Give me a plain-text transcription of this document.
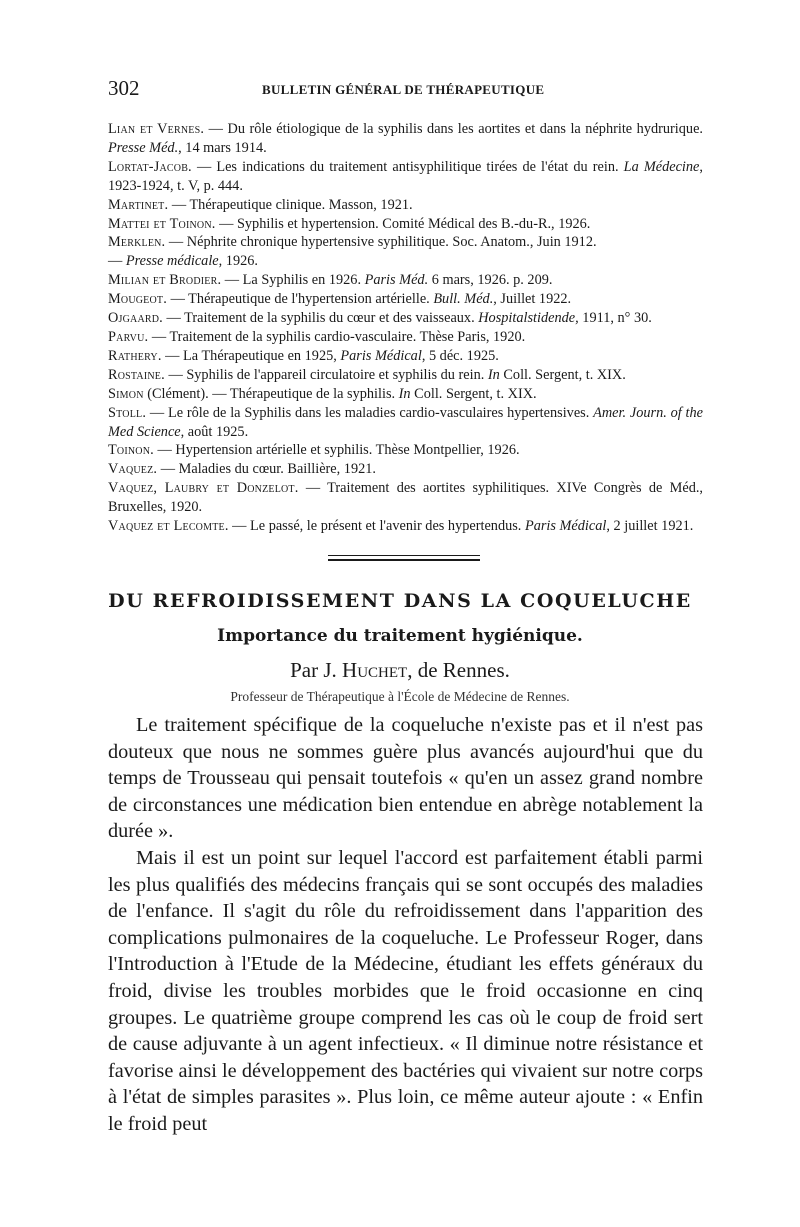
302	BULLETIN GÉNÉRAL DE THÉRAPEUTIQUE

Lian et Vernes. — Du rôle étiologique de la syphilis dans les aortites et dans la néphrite hydrurique. Presse Méd., 14 mars 1914.

Lortat-Jacob. — Les indications du traitement antisyphilitique tirées de l'état du rein. La Médecine, 1923-1924, t. V, p. 444.

Martinet. — Thérapeutique clinique. Masson, 1921.

Mattei et Toinon. — Syphilis et hypertension. Comité Médical des B.-du-R., 1926.

Merklen. — Néphrite chronique hypertensive syphilitique. Soc. Anatom., Juin 1912.

— Presse médicale, 1926.

Milian et Brodier. — La Syphilis en 1926. Paris Méd. 6 mars, 1926. p. 209.

Mougeot. — Thérapeutique de l'hypertension artérielle. Bull. Méd., Juillet 1922.

Ojgaard. — Traitement de la syphilis du cœur et des vaisseaux. Hospitalstidende, 1911, n° 30.

Parvu. — Traitement de la syphilis cardio-vasculaire. Thèse Paris, 1920.

Rathery. — La Thérapeutique en 1925, Paris Médical, 5 déc. 1925.

Rostaine. — Syphilis de l'appareil circulatoire et syphilis du rein. In Coll. Sergent, t. XIX.

Simon (Clément). — Thérapeutique de la syphilis. In Coll. Sergent, t. XIX.

Stoll. — Le rôle de la Syphilis dans les maladies cardio-vasculaires hypertensives. Amer. Journ. of the Med Science, août 1925.

Toinon. — Hypertension artérielle et syphilis. Thèse Montpellier, 1926.

Vaquez. — Maladies du cœur. Baillière, 1921.

Vaquez, Laubry et Donzelot. — Traitement des aortites syphilitiques. XIVe Congrès de Méd., Bruxelles, 1920.

Vaquez et Lecomte. — Le passé, le présent et l'avenir des hypertendus. Paris Médical, 2 juillet 1921.

DU REFROIDISSEMENT DANS LA COQUELUCHE
Importance du traitement hygiénique.
Par J. Huchet, de Rennes.
Professeur de Thérapeutique à l'École de Médecine de Rennes.

Le traitement spécifique de la coqueluche n'existe pas et il n'est pas douteux que nous ne sommes guère plus avancés aujourd'hui que du temps de Trousseau qui pensait toutefois « qu'en un assez grand nombre de circonstances une médication bien entendue en abrège notablement la durée ».

Mais il est un point sur lequel l'accord est parfaitement établi parmi les plus qualifiés des médecins français qui se sont occupés des maladies de l'enfance. Il s'agit du rôle du refroidissement dans l'apparition des complications pulmonaires de la coqueluche. Le Professeur Roger, dans l'Introduction à l'Etude de la Médecine, étudiant les effets généraux du froid, divise les troubles morbides que le froid occasionne en cinq groupes. Le quatrième groupe comprend les cas où le coup de froid sert de cause adjuvante à un agent infectieux. « Il diminue notre résistance et favorise ainsi le développement des bactéries qui vivaient sur notre corps à l'état de simples parasites ». Plus loin, ce même auteur ajoute : « Enfin le froid peut
